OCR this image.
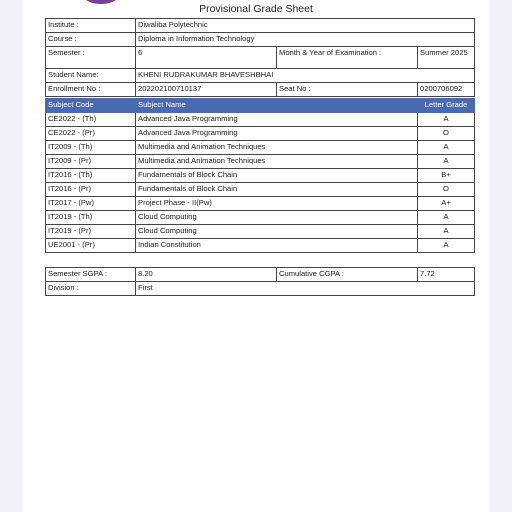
Provisional Grade Sheet
Institute :	Diwaliba Polytechnic		
Course :	Diploma in Information Technology		
Semester :	6	Month & Year of Examination :	Summer 2025
Student Name:	KHENI RUDRAKUMAR BHAVESHBHAI		
Enrollment No :	202202100710137	Seat No :	0200706092
Subject Code	Subject Name	Letter Grade
CE2022 - (Th)	Advanced Java Programming	A
CE2022 - (Pr)	Advanced Java Programming	O
IT2009 - (Th)	Multimedia and Animation Techniques	A
IT2009 - (Pr)	Multimedia and Animation Techniques	A
IT2016 - (Th)	Fundamentals of Block Chain	B+
IT2016 - (Pr)	Fundamentals of Block Chain	O
IT2017 - (Pw)	Project Phase - II(Pw)	A+
IT2019 - (Th)	Cloud Computing	A
IT2019 - (Pr)	Cloud Computing	A
UE2001 - (Pr)	Indian Constitution	A
Semester SGPA :	8.20	Cumulative CGPA :	7.72
Division :	First		
